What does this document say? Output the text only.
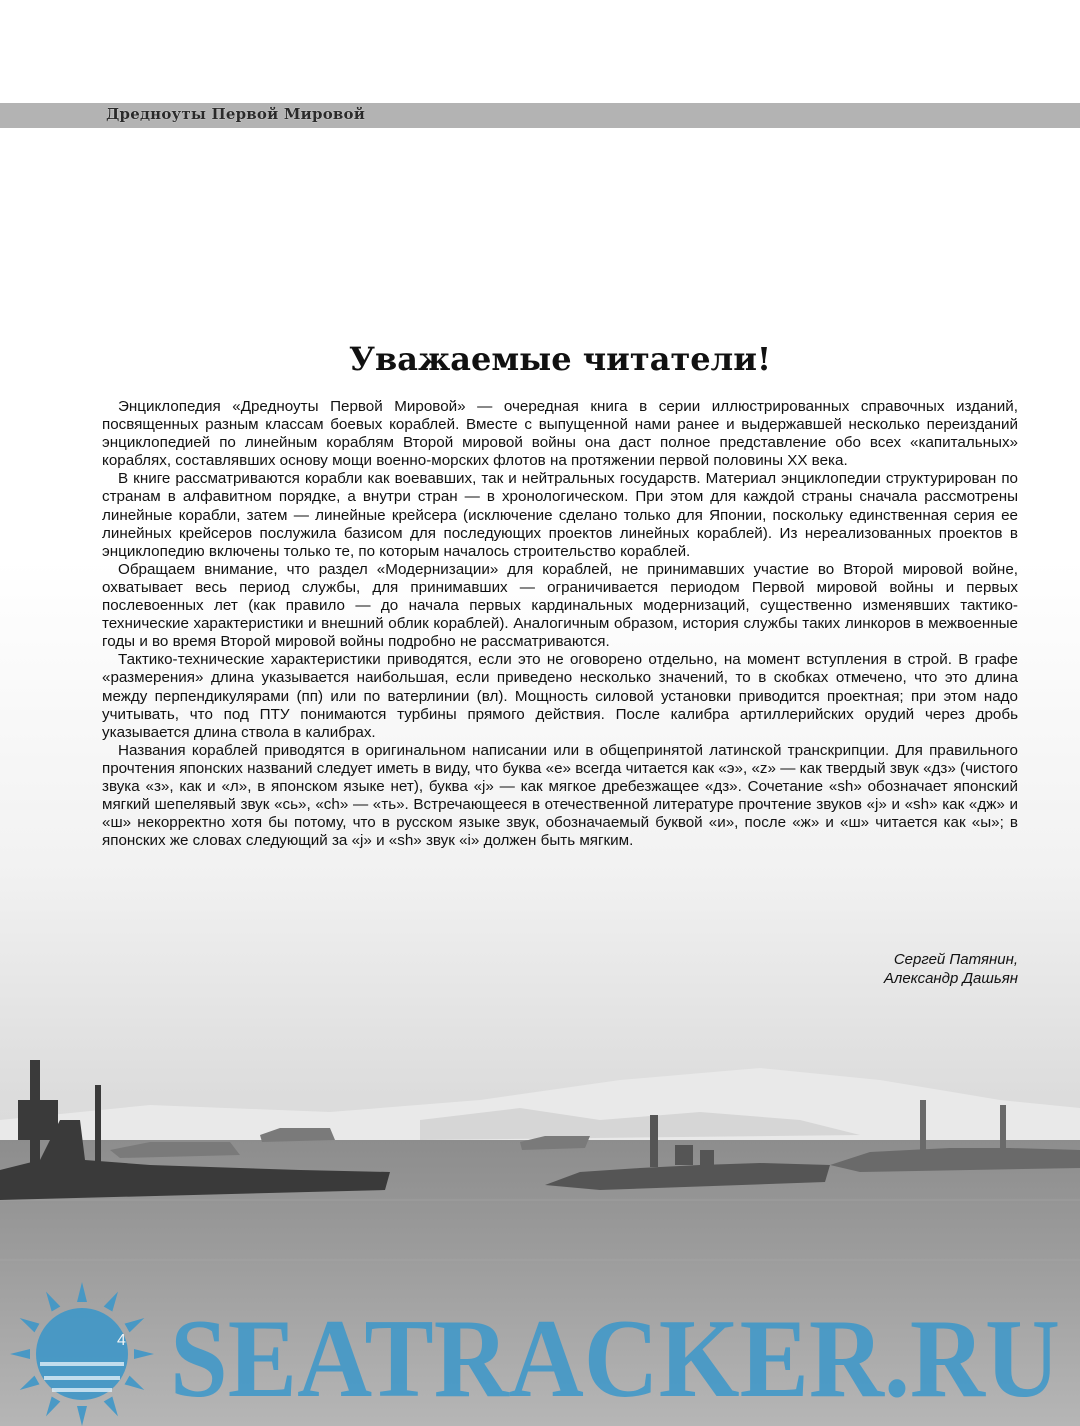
Дредноуты Первой Мировой
Уважаемые читатели!

Энциклопедия «Дредноуты Первой Мировой» — очередная книга в серии иллюстрированных справочных изданий, посвященных разным классам боевых кораблей. Вместе с выпущенной нами ранее и выдержавшей несколько переизданий энциклопедией по линейным кораблям Второй мировой войны она даст полное представление обо всех «капитальных» кораблях, составлявших основу мощи военно-морских флотов на протяжении первой половины XX века.

В книге рассматриваются корабли как воевавших, так и нейтральных государств. Материал энциклопедии структурирован по странам в алфавитном порядке, а внутри стран — в хронологическом. При этом для каждой страны сначала рассмотрены линейные корабли, затем — линейные крейсера (исключение сделано только для Японии, поскольку единственная серия ее линейных крейсеров послужила базисом для последующих проектов линейных кораблей). Из нереализованных проектов в энциклопедию включены только те, по которым началось строительство кораблей.

Обращаем внимание, что раздел «Модернизации» для кораблей, не принимавших участие во Второй мировой войне, охватывает весь период службы, для принимавших — ограничивается периодом Первой мировой войны и первых послевоенных лет (как правило — до начала первых кардинальных модернизаций, существенно изменявших тактико-технические характеристики и внешний облик кораблей). Аналогичным образом, история службы таких линкоров в межвоенные годы и во время Второй мировой войны подробно не рассматриваются.

Тактико-технические характеристики приводятся, если это не оговорено отдельно, на момент вступления в строй. В графе «размерения» длина указывается наибольшая, если приведено несколько значений, то в скобках отмечено, что это длина между перпендикулярами (пп) или по ватерлинии (вл). Мощность силовой установки приводится проектная; при этом надо учитывать, что под ПТУ понимаются турбины прямого действия. После калибра артиллерийских орудий через дробь указывается длина ствола в калибрах.

Названия кораблей приводятся в оригинальном написании или в общепринятой латинской транскрипции. Для правильного прочтения японских названий следует иметь в виду, что буква «е» всегда читается как «э», «z» — как твердый звук «дз» (чистого звука «з», как и «л», в японском языке нет), буква «j» — как мягкое дребезжащее «дз». Сочетание «sh» обозначает японский мягкий шепелявый звук «сь», «ch» — «ть». Встречающееся в отечественной литературе прочтение звуков «j» и «sh» как «дж» и «ш» некорректно хотя бы потому, что в русском языке звук, обозначаемый буквой «и», после «ж» и «ш» читается как «ы»; в японских же словах следующий за «j» и «sh» звук «i» должен быть мягким.

Сергей Патянин,
Александр Дашьян
4 SEATRACKER.RU
